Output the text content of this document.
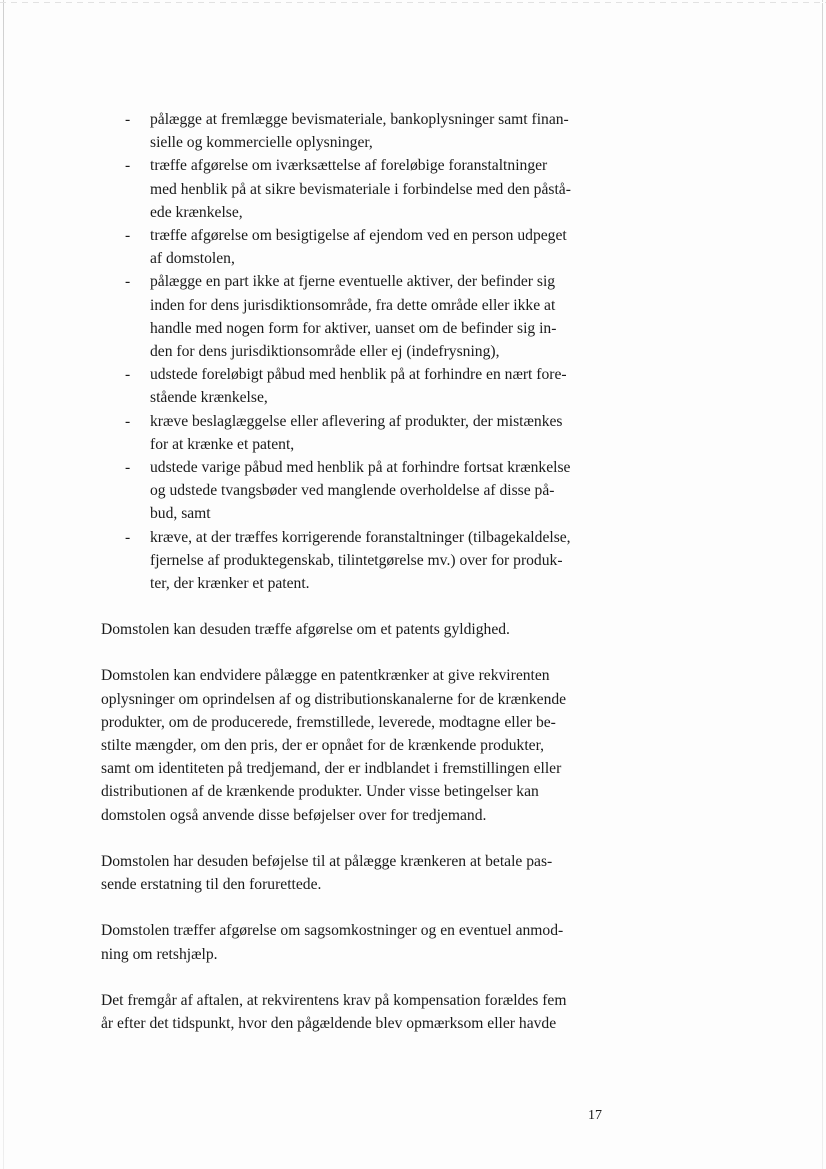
- pålægge at fremlægge bevismateriale, bankoplysninger samt finan-
sielle og kommercielle oplysninger,
- træffe afgørelse om iværksættelse af foreløbige foranstaltninger
med henblik på at sikre bevismateriale i forbindelse med den påstå-
ede krænkelse,
- træffe afgørelse om besigtigelse af ejendom ved en person udpeget
af domstolen,
- pålægge en part ikke at fjerne eventuelle aktiver, der befinder sig
inden for dens jurisdiktionsområde, fra dette område eller ikke at
handle med nogen form for aktiver, uanset om de befinder sig in-
den for dens jurisdiktionsområde eller ej (indefrysning),
- udstede foreløbigt påbud med henblik på at forhindre en nært fore-
stående krænkelse,
- kræve beslaglæggelse eller aflevering af produkter, der mistænkes
for at krænke et patent,
- udstede varige påbud med henblik på at forhindre fortsat krænkelse
og udstede tvangsbøder ved manglende overholdelse af disse på-
bud, samt
- kræve, at der træffes korrigerende foranstaltninger (tilbagekaldelse,
fjernelse af produktegenskab, tilintetgørelse mv.) over for produk-
ter, der krænker et patent.

Domstolen kan desuden træffe afgørelse om et patents gyldighed.

Domstolen kan endvidere pålægge en patentkrænker at give rekvirenten
oplysninger om oprindelsen af og distributionskanalerne for de krænkende
produkter, om de producerede, fremstillede, leverede, modtagne eller be-
stilte mængder, om den pris, der er opnået for de krænkende produkter,
samt om identiteten på tredjemand, der er indblandet i fremstillingen eller
distributionen af de krænkende produkter. Under visse betingelser kan
domstolen også anvende disse beføjelser over for tredjemand.

Domstolen har desuden beføjelse til at pålægge krænkeren at betale pas-
sende erstatning til den forurettede.

Domstolen træffer afgørelse om sagsomkostninger og en eventuel anmod-
ning om retshjælp.

Det fremgår af aftalen, at rekvirentens krav på kompensation forældes fem
år efter det tidspunkt, hvor den pågældende blev opmærksom eller havde

17
